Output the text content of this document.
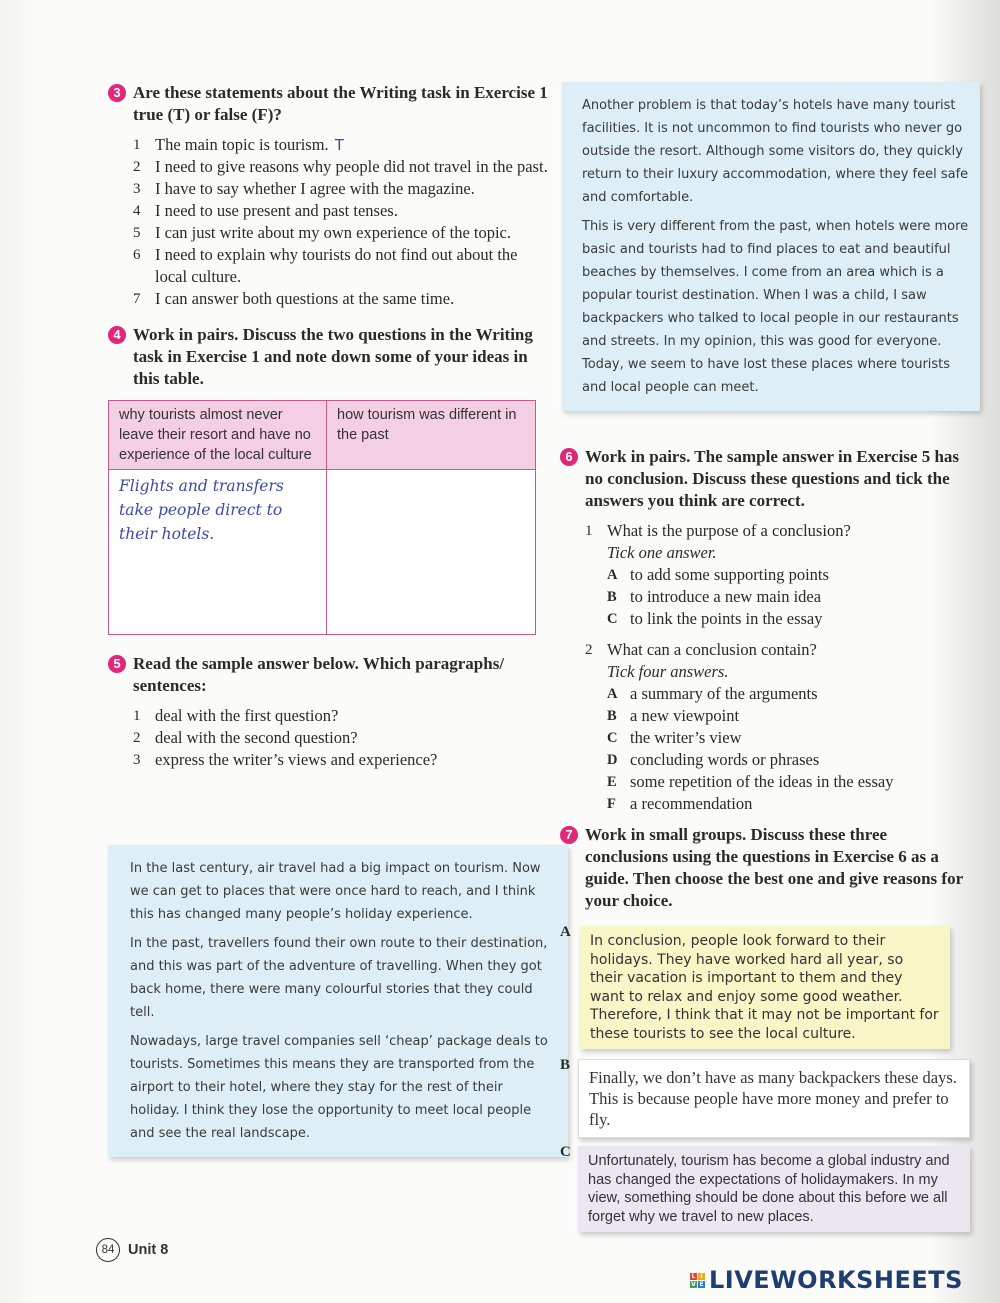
3 Are these statements about the Writing task in Exercise 1 true (T) or false (F)?
1 The main topic is tourism. T
2 I need to give reasons why people did not travel in the past.
3 I have to say whether I agree with the magazine.
4 I need to use present and past tenses.
5 I can just write about my own experience of the topic.
6 I need to explain why tourists do not find out about the local culture.
7 I can answer both questions at the same time.
4 Work in pairs. Discuss the two questions in the Writing task in Exercise 1 and note down some of your ideas in this table.
why tourists almost never leave their resort and have no experience of the local culture	how tourism was different in the past
Flights and transfers take people direct to their hotels.	
5 Read the sample answer below. Which paragraphs/ sentences:
1 deal with the first question?
2 deal with the second question?
3 express the writer’s views and experience?

In the last century, air travel had a big impact on tourism. Now we can get to places that were once hard to reach, and I think this has changed many people’s holiday experience.

In the past, travellers found their own route to their destination, and this was part of the adventure of travelling. When they got back home, there were many colourful stories that they could tell.

Nowadays, large travel companies sell ‘cheap’ package deals to tourists. Sometimes this means they are transported from the airport to their hotel, where they stay for the rest of their holiday. I think they lose the opportunity to meet local people and see the real landscape.

Another problem is that today’s hotels have many tourist facilities. It is not uncommon to find tourists who never go outside the resort. Although some visitors do, they quickly return to their luxury accommodation, where they feel safe and comfortable.

This is very different from the past, when hotels were more basic and tourists had to find places to eat and beautiful beaches by themselves. I come from an area which is a popular tourist destination. When I was a child, I saw backpackers who talked to local people in our restaurants and streets. In my opinion, this was good for everyone. Today, we seem to have lost these places where tourists and local people can meet.

6 Work in pairs. The sample answer in Exercise 5 has no conclusion. Discuss these questions and tick the answers you think are correct.
1 What is the purpose of a conclusion?
Tick one answer.
A to add some supporting points
B to introduce a new main idea
C to link the points in the essay
2 What can a conclusion contain?
Tick four answers.
A a summary of the arguments
B a new viewpoint
C the writer’s view
D concluding words or phrases
E some repetition of the ideas in the essay
F a recommendation
7 Work in small groups. Discuss these three conclusions using the questions in Exercise 6 as a guide. Then choose the best one and give reasons for your choice.
A
In conclusion, people look forward to their holidays. They have worked hard all year, so their vacation is important to them and they want to relax and enjoy some good weather. Therefore, I think that it may not be important for these tourists to see the local culture.
B
Finally, we don’t have as many backpackers these days. This is because people have more money and prefer to fly.
C
Unfortunately, tourism has become a global industry and has changed the expectations of holidaymakers. In my view, something should be done about this before we all forget why we travel to new places.
84 Unit 8
L I
V E LIVEWORKSHEETS
